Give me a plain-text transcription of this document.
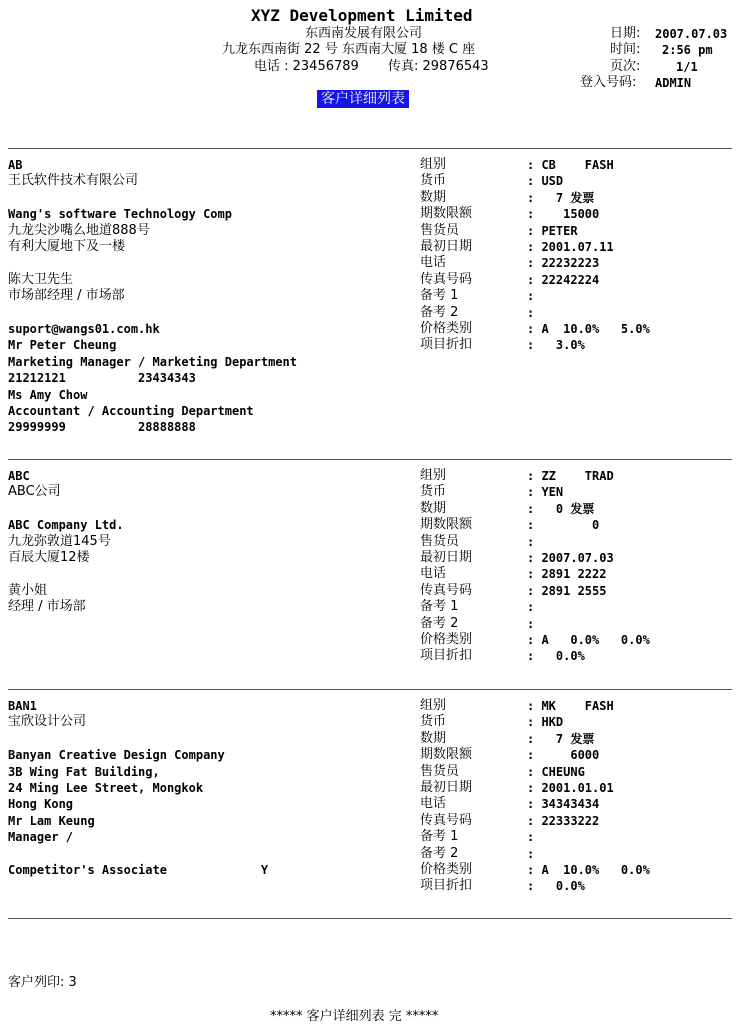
XYZ Development Limited
东西南发展有限公司
九龙东西南街 22 号 东西南大厦 18 楼 C 座
电话 : 23456789 传真: 29876543
日期: 2007.07.03
时间: 2:56 pm
页次:	1/1
登入号码: ADMIN
客户详细列表
AB
王氏软件技术有限公司
Wang's software Technology Comp
九龙尖沙嘴么地道888号
有利大厦地下及一楼
陈大卫先生
市场部经理 / 市场部
suport@wangs01.com.hk
Mr Peter Cheung
Marketing Manager / Marketing Department
21212121          23434343
Ms Amy Chow
Accountant / Accounting Department
29999999          28888888
组别	: CB    FASH
货币	: USD
数期	:   7 发票
期数限额	:    15000
售货员	: PETER
最初日期	: 2001.07.11
电话	: 22232223
传真号码	: 22242224
备考 1	:
备考 2	:
价格类别	: A  10.0%   5.0%
项目折扣	:   3.0%
ABC
ABC公司
ABC Company Ltd.
九龙弥敦道145号
百辰大厦12楼
黄小姐
经理 / 市场部
组别	: ZZ    TRAD
货币	: YEN
数期	:   0 发票
期数限额	:        0
售货员	:
最初日期	: 2007.07.03
电话	: 2891 2222
传真号码	: 2891 2555
备考 1	:
备考 2	:
价格类别	: A   0.0%   0.0%
项目折扣	:   0.0%
BAN1
宝欣设计公司
Banyan Creative Design Company
3B Wing Fat Building,
24 Ming Lee Street, Mongkok
Hong Kong
Mr Lam Keung
Manager /
Competitor's Associate             Y
组别	: MK    FASH
货币	: HKD
数期	:   7 发票
期数限额	:     6000
售货员	: CHEUNG
最初日期	: 2001.01.01
电话	: 34343434
传真号码	: 22333222
备考 1	:
备考 2	:
价格类别	: A  10.0%   0.0%
项目折扣	:   0.0%
客户列印: 3
***** 客户详细列表 完 *****
